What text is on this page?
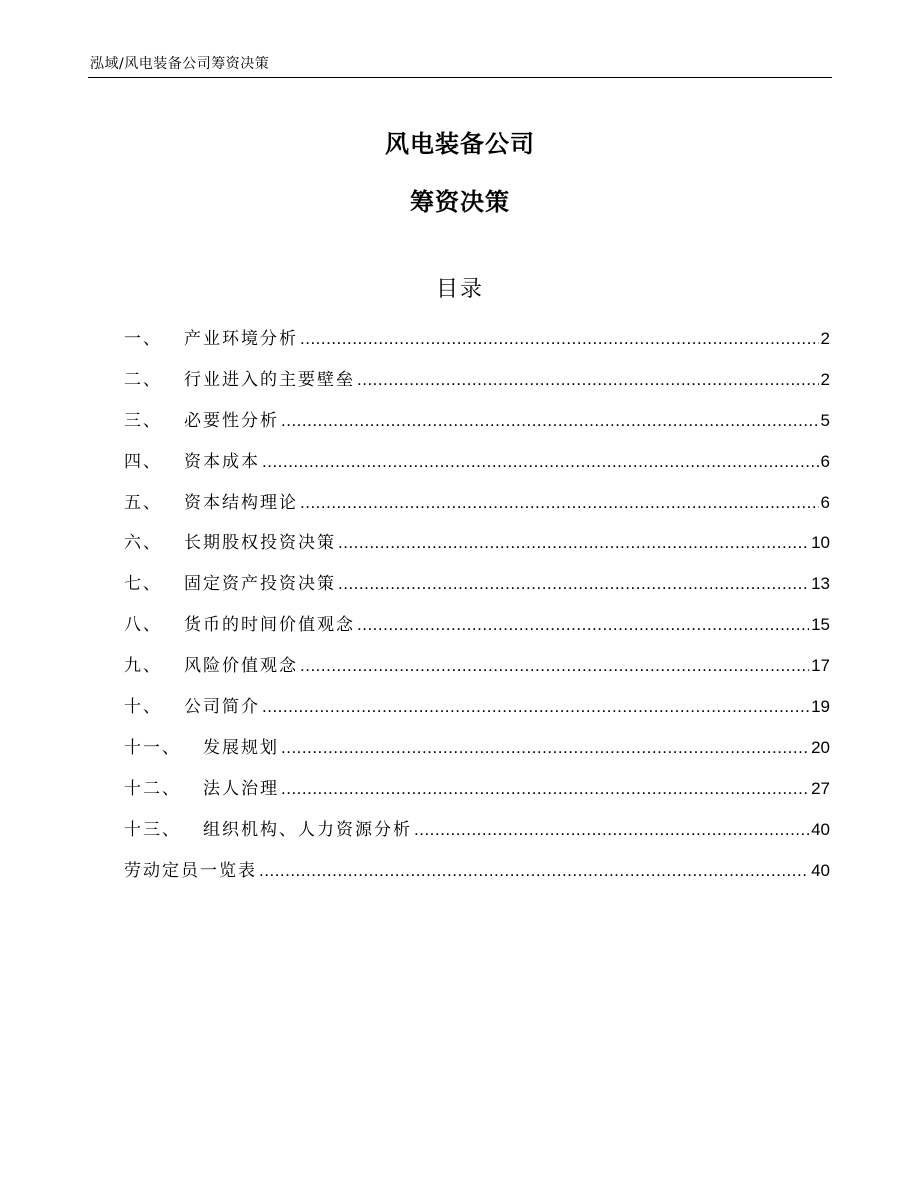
泓域/风电装备公司筹资决策
风电装备公司
筹资决策
目录
一、 产业环境分析 .....	2
二、 行业进入的主要壁垒 .....	2
三、 必要性分析 .....	5
四、 资本成本 .....	6
五、 资本结构理论 .....	6
六、 长期股权投资决策 .....	10
七、 固定资产投资决策 .....	13
八、 货币的时间价值观念 .....	15
九、 风险价值观念 .....	17
十、 公司简介 .....	19
十一、 发展规划 .....	20
十二、 法人治理 .....	27
十三、 组织机构、人力资源分析 .....	40
劳动定员一览表 .....	40
